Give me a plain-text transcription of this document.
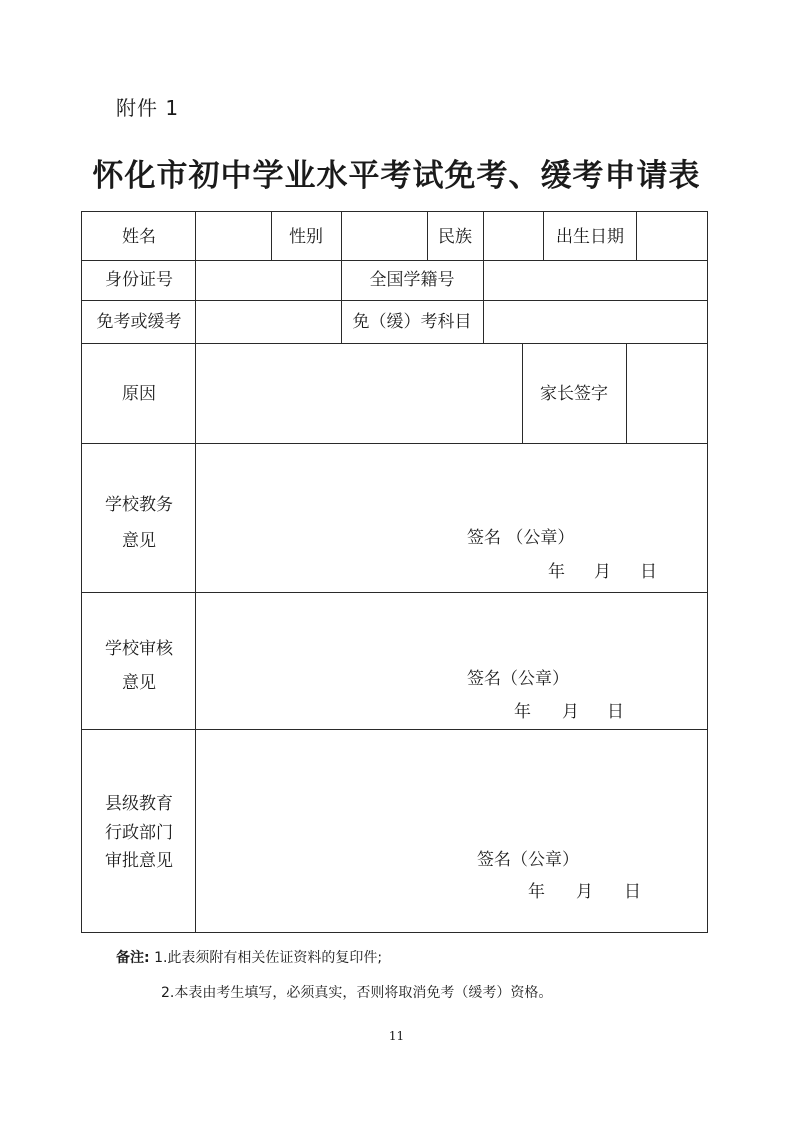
附件 1
怀化市初中学业水平考试免考、缓考申请表
姓名	性别	民族	出生日期
身份证号	全国学籍号
免考或缓考	免（缓）考科目
原因	家长签字
学校教务
意见	签名 （公章）
年 月 日
学校审核
意见	签名（公章）
年 月 日
县级教育
行政部门
审批意见	签名（公章）
年 月 日
备注: 1.此表须附有相关佐证资料的复印件;
2.本表由考生填写，必须真实，否则将取消免考（缓考）资格。
11
